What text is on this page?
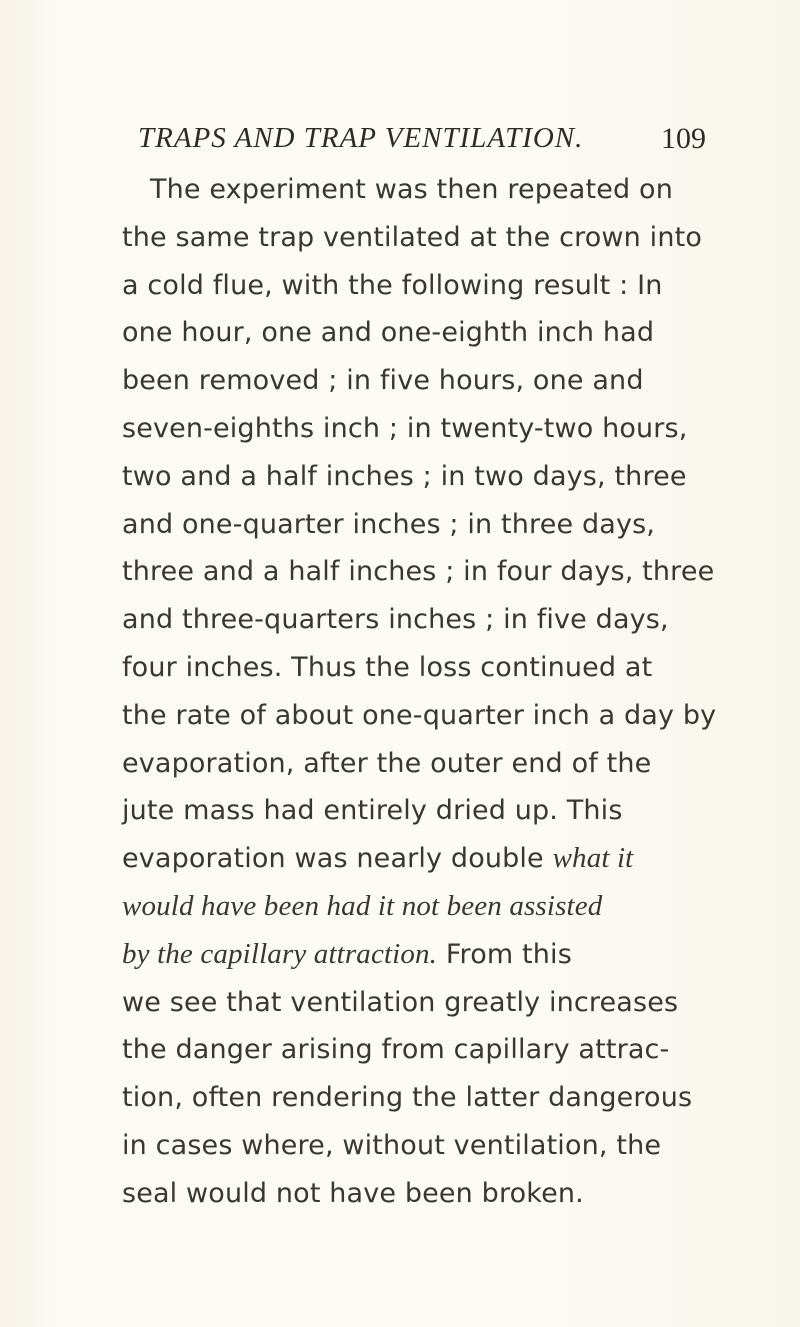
TRAPS AND TRAP VENTILATION.	109
The experiment was then repeated on
the same trap ventilated at the crown into
a cold flue, with the following result : In
one hour, one and one-eighth inch had
been removed ; in five hours, one and
seven-eighths inch ; in twenty-two hours,
two and a half inches ; in two days, three
and one-quarter inches ; in three days,
three and a half inches ; in four days, three
and three-quarters inches ; in five days,
four inches. Thus the loss continued at
the rate of about one-quarter inch a day by
evaporation, after the outer end of the
jute mass had entirely dried up. This
evaporation was nearly double what it
would have been had it not been assisted
by the capillary attraction. From this
we see that ventilation greatly increases
the danger arising from capillary attrac-
tion, often rendering the latter dangerous
in cases where, without ventilation, the
seal would not have been broken.
